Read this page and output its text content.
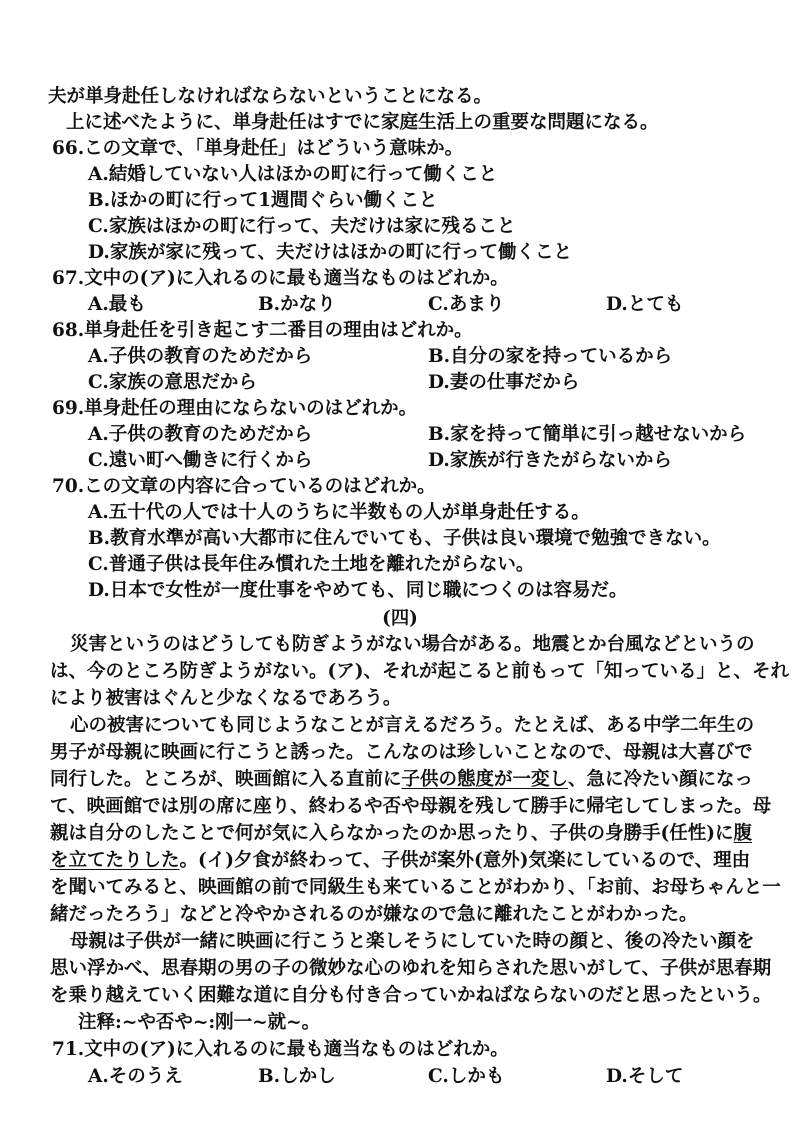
夫が単身赴任しなければならないということになる。
上に述べたように、単身赴任はすでに家庭生活上の重要な問題になる。
66.この文章で、「単身赴任」はどういう意味か。
A.結婚していない人はほかの町に行って働くこと
B.ほかの町に行って1週間ぐらい働くこと
C.家族はほかの町に行って、夫だけは家に残ること
D.家族が家に残って、夫だけはほかの町に行って働くこと
67.文中の(ア)に入れるのに最も適当なものはどれか。
A.最も	B.かなり	C.あまり	D.とても
68.単身赴任を引き起こす二番目の理由はどれか。
A.子供の教育のためだから	B.自分の家を持っているから
C.家族の意思だから	D.妻の仕事だから
69.単身赴任の理由にならないのはどれか。
A.子供の教育のためだから	B.家を持って簡単に引っ越せないから
C.遠い町へ働きに行くから	D.家族が行きたがらないから
70.この文章の内容に合っているのはどれか。
A.五十代の人では十人のうちに半数もの人が単身赴任する。
B.教育水準が高い大都市に住んでいても、子供は良い環境で勉強できない。
C.普通子供は長年住み慣れた土地を離れたがらない。
D.日本で女性が一度仕事をやめても、同じ職につくのは容易だ。
(四)
災害というのはどうしても防ぎようがない場合がある。地震とか台風などというの
は、今のところ防ぎようがない。(ア)、それが起こると前もって「知っている」と、それ
により被害はぐんと少なくなるであろう。
心の被害についても同じようなことが言えるだろう。たとえば、ある中学二年生の
男子が母親に映画に行こうと誘った。こんなのは珍しいことなので、母親は大喜びで
同行した。ところが、映画館に入る直前に子供の態度が一変し、急に冷たい顔になっ
て、映画館では別の席に座り、終わるや否や母親を残して勝手に帰宅してしまった。母
親は自分のしたことで何が気に入らなかったのか思ったり、子供の身勝手(任性)に腹
を立てたりした。(イ)夕食が終わって、子供が案外(意外)気楽にしているので、理由
を聞いてみると、映画館の前で同級生も来ていることがわかり、「お前、お母ちゃんと一
緒だったろう」などと冷やかされるのが嫌なので急に離れたことがわかった。
母親は子供が一緒に映画に行こうと楽しそうにしていた時の顔と、後の冷たい顔を
思い浮かべ、思春期の男の子の微妙な心のゆれを知らされた思いがして、子供が思春期
を乗り越えていく困難な道に自分も付き合っていかねばならないのだと思ったという。
注释:~や否や~:刚一~就~。
71.文中の(ア)に入れるのに最も適当なものはどれか。
A.そのうえ	B.しかし	C.しかも	D.そして
